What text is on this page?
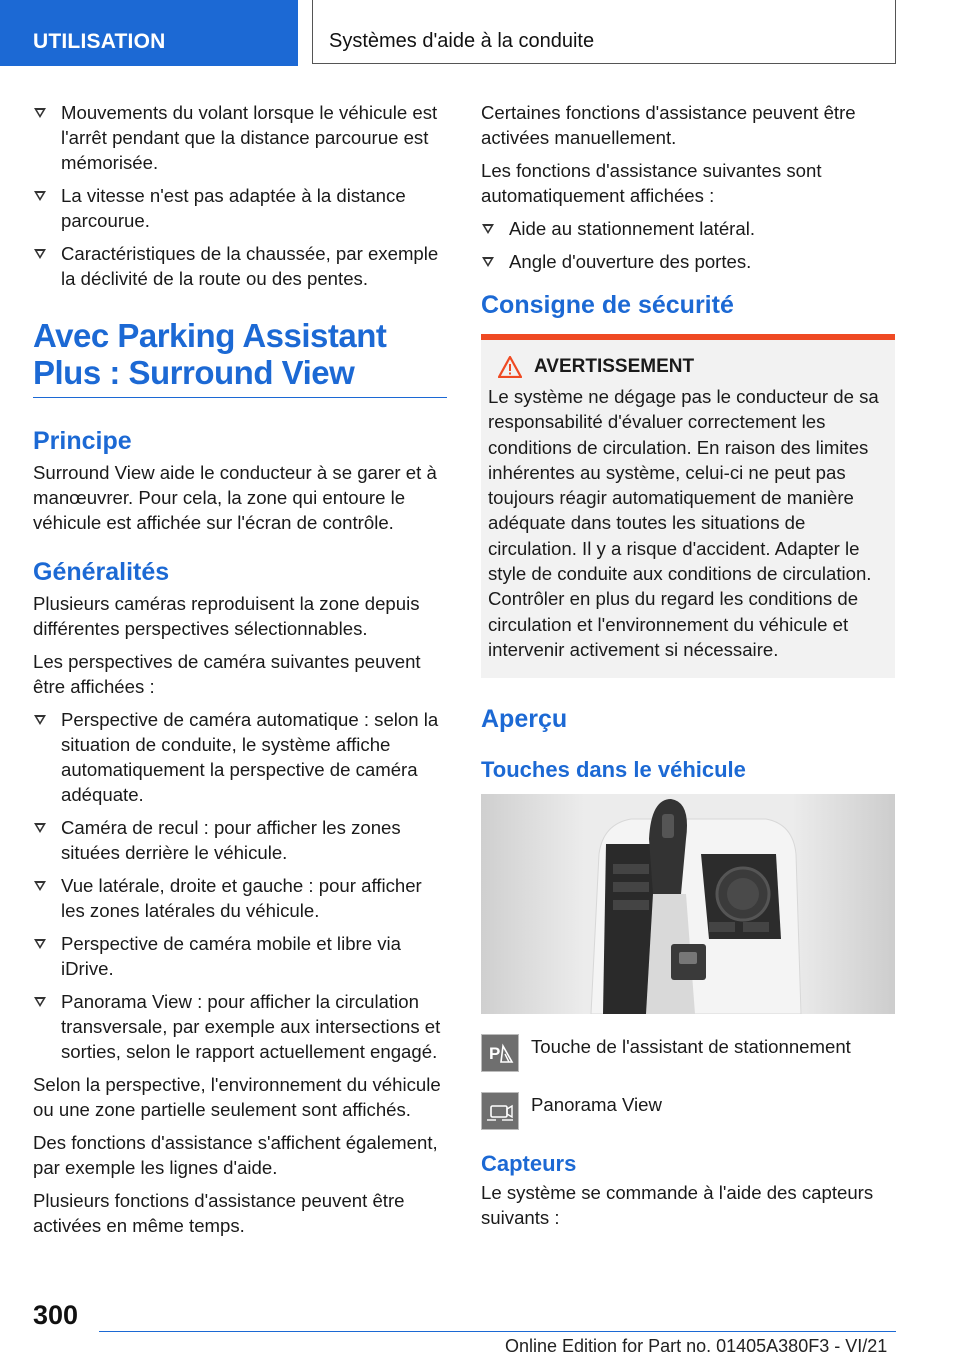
UTILISATION	Systèmes d'aide à la conduite
Mouvements du volant lorsque le véhicule est l'arrêt pendant que la distance parcourue est mémorisée.
La vitesse n'est pas adaptée à la distance parcourue.
Caractéristiques de la chaussée, par exemple la déclivité de la route ou des pentes.
Avec Parking Assistant Plus : Surround View
Principe

Surround View aide le conducteur à se garer et à manœuvrer. Pour cela, la zone qui entoure le véhicule est affichée sur l'écran de contrôle.

Généralités

Plusieurs caméras reproduisent la zone depuis différentes perspectives sélectionnables.

Les perspectives de caméra suivantes peuvent être affichées :

Perspective de caméra automatique : selon la situation de conduite, le système affiche automatiquement la perspective de caméra adéquate.
Caméra de recul : pour afficher les zones situées derrière le véhicule.
Vue latérale, droite et gauche : pour afficher les zones latérales du véhicule.
Perspective de caméra mobile et libre via iDrive.
Panorama View : pour afficher la circulation transversale, par exemple aux intersections et sorties, selon le rapport actuellement engagé.

Selon la perspective, l'environnement du véhicule ou une zone partielle seulement sont affichés.

Des fonctions d'assistance s'affichent également, par exemple les lignes d'aide.

Plusieurs fonctions d'assistance peuvent être activées en même temps.

Certaines fonctions d'assistance peuvent être activées manuellement.

Les fonctions d'assistance suivantes sont automatiquement affichées :

Aide au stationnement latéral.
Angle d'ouverture des portes.
Consigne de sécurité
AVERTISSEMENT

Le système ne dégage pas le conducteur de sa responsabilité d'évaluer correctement les conditions de circulation. En raison des limites inhérentes au système, celui-ci ne peut pas toujours réagir automatiquement de manière adéquate dans toutes les situations de circulation. Il y a risque d'accident. Adapter le style de conduite aux conditions de circulation. Contrôler en plus du regard les conditions de circulation et l'environnement du véhicule et intervenir activement si nécessaire.

Aperçu
Touches dans le véhicule
P Touche de l'assistant de stationnement
Panorama View
Capteurs

Le système se commande à l'aide des capteurs suivants :

300
Online Edition for Part no. 01405A380F3 - VI/21
